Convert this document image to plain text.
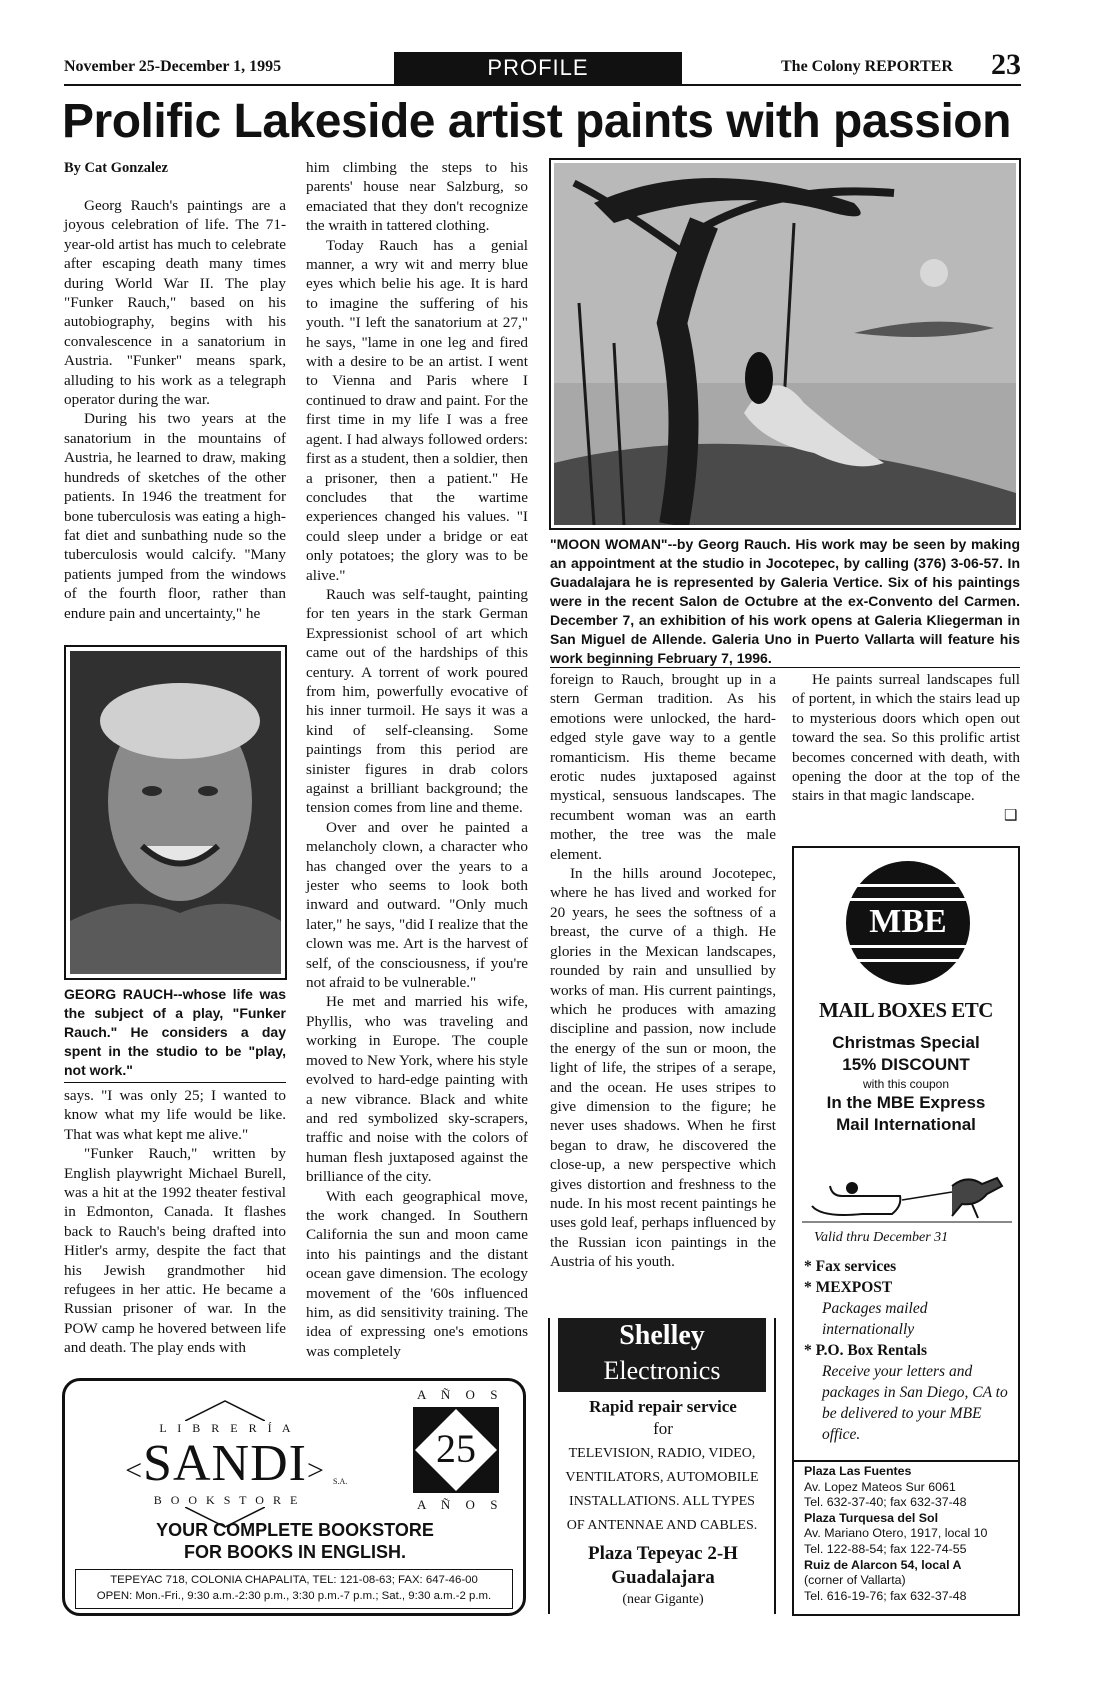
November 25-December 1, 1995	PROFILE	The Colony REPORTER 23
Prolific Lakeside artist paints with passion
By Cat Gonzalez

Georg Rauch's paintings are a joyous celebration of life. The 71-year-old artist has much to celebrate after escaping death many times during World War II. The play "Funker Rauch," based on his autobiography, begins with his convalescence in a sanatorium in Austria. "Funker" means spark, alluding to his work as a telegraph operator during the war.

During his two years at the sanatorium in the mountains of Austria, he learned to draw, making hundreds of sketches of the other patients. In 1946 the treatment for bone tuberculosis was eating a high-fat diet and sunbathing nude so the tuberculosis would calcify. "Many patients jumped from the windows of the fourth floor, rather than endure pain and uncertainty," he

GEORG RAUCH--whose life was the subject of a play, "Funker Rauch." He considers a day spent in the studio to be "play, not work."

says. "I was only 25; I wanted to know what my life would be like. That was what kept me alive."

"Funker Rauch," written by English playwright Michael Burell, was a hit at the 1992 theater festival in Edmonton, Canada. It flashes back to Rauch's being drafted into Hitler's army, despite the fact that his Jewish grandmother hid refugees in her attic. He became a Russian prisoner of war. In the POW camp he hovered between life and death. The play ends with

him climbing the steps to his parents' house near Salzburg, so emaciated that they don't recognize the wraith in tattered clothing.

Today Rauch has a genial manner, a wry wit and merry blue eyes which belie his age. It is hard to imagine the suffering of his youth. "I left the sanatorium at 27," he says, "lame in one leg and fired with a desire to be an artist. I went to Vienna and Paris where I continued to draw and paint. For the first time in my life I was a free agent. I had always followed orders: first as a student, then a soldier, then a prisoner, then a patient." He concludes that the wartime experiences changed his values. "I could sleep under a bridge or eat only potatoes; the glory was to be alive."

Rauch was self-taught, painting for ten years in the stark German Expressionist school of art which came out of the hardships of this century. A torrent of work poured from him, powerfully evocative of his inner turmoil. He says it was a kind of self-cleansing. Some paintings from this period are sinister figures in drab colors against a brilliant background; the tension comes from line and theme.

Over and over he painted a melancholy clown, a character who has changed over the years to a jester who seems to look both inward and outward. "Only much later," he says, "did I realize that the clown was me. Art is the harvest of self, of the consciousness, if you're not afraid to be vulnerable."

He met and married his wife, Phyllis, who was traveling and working in Europe. The couple moved to New York, where his style evolved to hard-edge painting with a new vibrance. Black and white and red symbolized sky-scrapers, traffic and noise with the colors of human flesh juxtaposed against the brilliance of the city.

With each geographical move, the work changed. In Southern California the sun and moon came into his paintings and the distant ocean gave dimension. The ecology movement of the '60s influenced him, as did sensitivity training. The idea of expressing one's emotions was completely

"MOON WOMAN"--by Georg Rauch. His work may be seen by making an appointment at the studio in Jocotepec, by calling (376) 3-06-57. In Guadalajara he is represented by Galeria Vertice. Six of his paintings were in the recent Salon de Octubre at the ex-Convento del Carmen. December 7, an exhibition of his work opens at Galeria Kliegerman in San Miguel de Allende. Galeria Uno in Puerto Vallarta will feature his work beginning February 7, 1996.

foreign to Rauch, brought up in a stern German tradition. As his emotions were unlocked, the hard-edged style gave way to a gentle romanticism. His theme became erotic nudes juxtaposed against mystical, sensuous landscapes. The recumbent woman was an earth mother, the tree was the male element.

In the hills around Jocotepec, where he has lived and worked for 20 years, he sees the softness of a breast, the curve of a thigh. He glories in the Mexican landscapes, rounded by rain and unsullied by works of man. His current paintings, which he produces with amazing discipline and passion, now include the energy of the sun or moon, the light of life, the stripes of a serape, and the ocean. He uses stripes to give dimension to the figure; he never uses shadows. When he first began to draw, he discovered the close-up, a new perspective which gives distortion and freshness to the nude. In his most recent paintings he uses gold leaf, perhaps influenced by the Russian icon paintings in the Austria of his youth.

He paints surreal landscapes full of portent, in which the stairs lead up to mysterious doors which open out toward the sea. So this prolific artist becomes concerned with death, with opening the door at the top of the stairs in that magic landscape.

❑
L I B R E R Í A
<SANDI>	S.A.
B O O K S T O R E
A Ñ O S
25
A Ñ O S
YOUR COMPLETE BOOKSTORE
FOR BOOKS IN ENGLISH.
TEPEYAC 718, COLONIA CHAPALITA, TEL: 121-08-63; FAX: 647-46-00
OPEN: Mon.-Fri., 9:30 a.m.-2:30 p.m., 3:30 p.m.-7 p.m.; Sat., 9:30 a.m.-2 p.m.
Shelley
Electronics
Rapid repair service
for
TELEVISION, RADIO, VIDEO, VENTILATORS, AUTOMOBILE INSTALLATIONS. ALL TYPES OF ANTENNAE AND CABLES.
Plaza Tepeyac 2-H
Guadalajara
(near Gigante)
MBE
MAIL BOXES ETC
Christmas Special
15% DISCOUNT
with this coupon
In the MBE Express
Mail International
Valid thru December 31
* Fax services
* MEXPOST
Packages mailed internationally
* P.O. Box Rentals
Receive your letters and packages in San Diego, CA to be delivered to your MBE office.
Plaza Las Fuentes
Av. Lopez Mateos Sur 6061
Tel. 632-37-40; fax 632-37-48
Plaza Turquesa del Sol
Av. Mariano Otero, 1917, local 10
Tel. 122-88-54; fax 122-74-55
Ruiz de Alarcon 54, local A
(corner of Vallarta)
Tel. 616-19-76; fax 632-37-48
